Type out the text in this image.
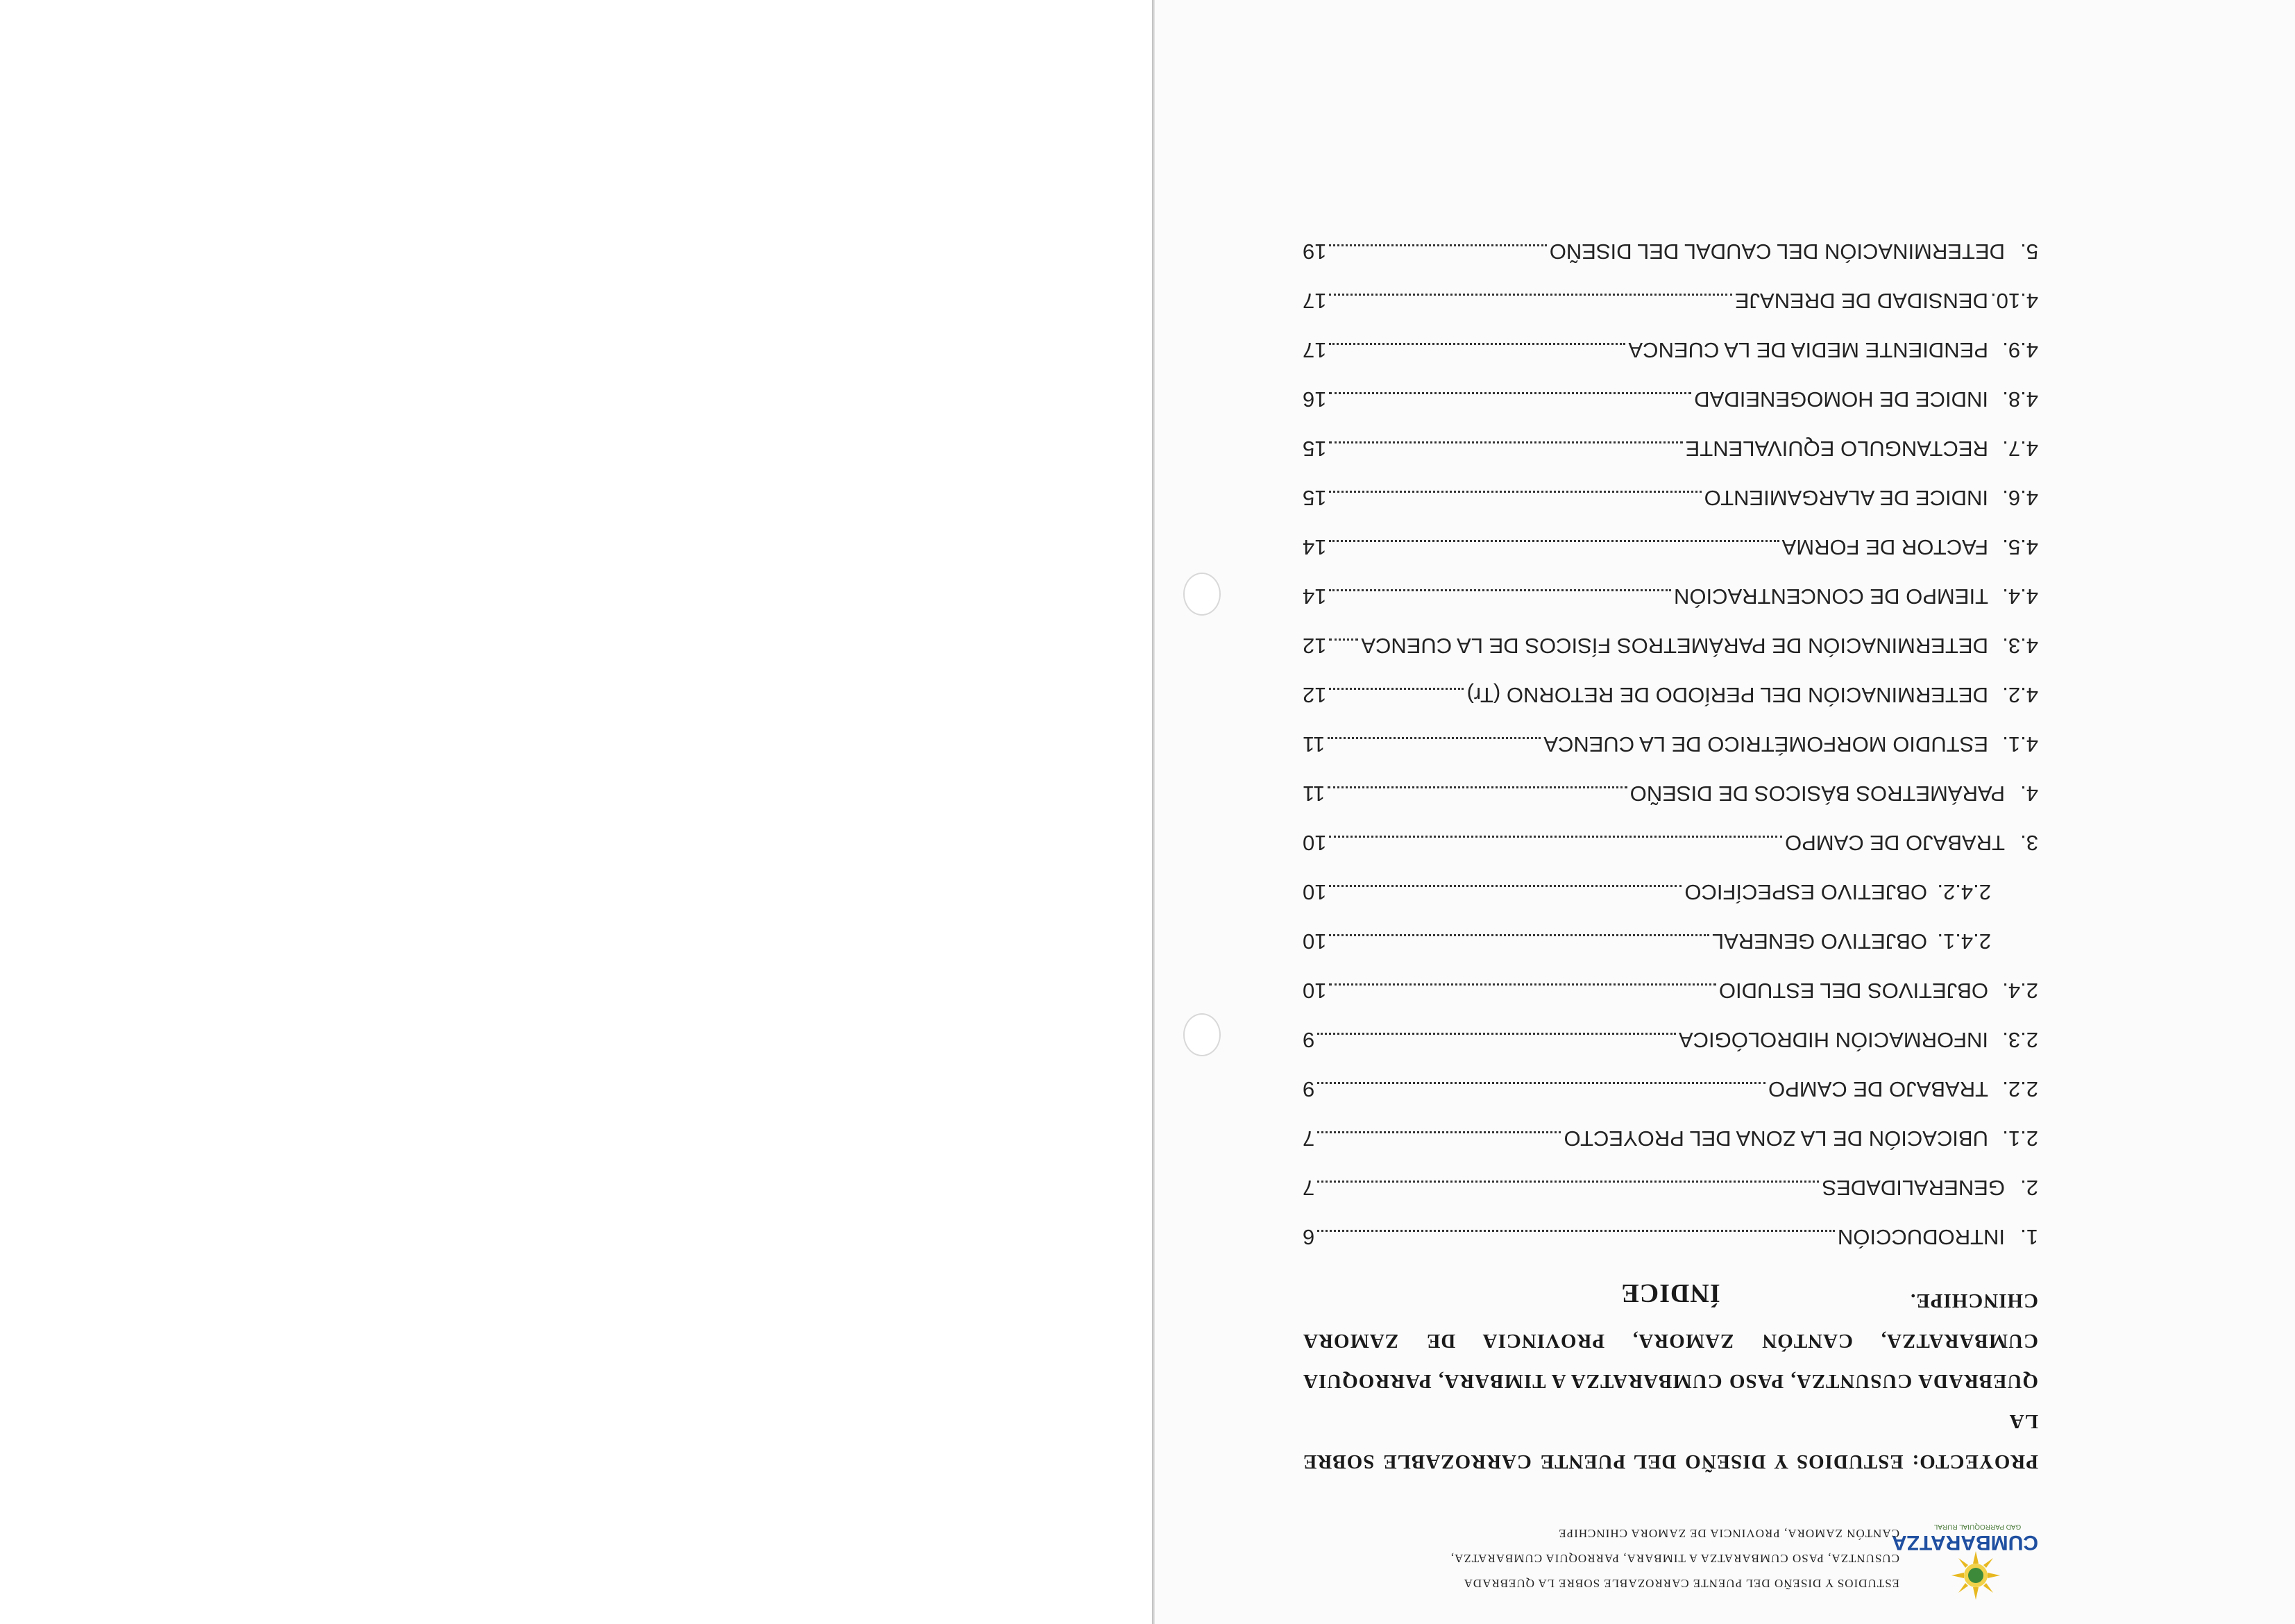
CUMBARATZA
GAD PARROQUIAL RURAL
ESTUDIOS Y DISEÑO DEL PUENTE CARROZABLE SOBRE LA QUEBRADA
CUSUNTZA, PASO CUMBARATZA A TIMBARA, PARROQUIA CUMBARATZA,
CANTÓN ZAMORA, PROVINCIA DE ZAMORA CHINCHIPE
PROYECTO: ESTUDIOS Y DISEÑO DEL PUENTE CARROZABLE SOBRE LA
QUEBRADA CUSUNTZA, PASO CUMBARATZA A TIMBARA, PARROQUIA
CUMBARATZA, CANTÓN ZAMORA, PROVINCIA DE ZAMORA
CHINCHIPE.
ÍNDICE
1.
INTRODUCCIÓN
6
2.
GENERALIDADES
7
2.1.
UBICACIÓN DE LA ZONA DEL PROYECTO
7
2.2.
TRABAJO DE CAMPO
9
2.3.
INFORMACIÓN HIDROLÓGICA
9
2.4.
OBJETIVOS DEL ESTUDIO
10
2.4.1.
OBJETIVO GENERAL
10
2.4.2.
OBJETIVO ESPECÍFICO
10
3.
TRABAJO DE CAMPO
10
4.
PARÁMETROS BÁSICOS DE DISEÑO
11
4.1.
ESTUDIO MORFOMÉTRICO DE LA CUENCA
11
4.2.
DETERMINACIÓN DEL PERÍODO DE RETORNO (Tr)
12
4.3.
DETERMINACIÓN DE PARÁMETROS FÍSICOS DE LA CUENCA
12
4.4.
TIEMPO DE CONCENTRACIÓN
14
4.5.
FACTOR DE FORMA
14
4.6.
INDICE DE ALARGAMIENTO
15
4.7.
RECTANGULO EQUIVALENTE
15
4.8.
INDICE DE HOMOGENEIDAD
16
4.9.
PENDIENTE MEDIA DE LA CUENCA
17
4.10.
DENSIDAD DE DRENAJE
17
5.
DETERMINACIÓN DEL CAUDAL DEL DISEÑO
19
